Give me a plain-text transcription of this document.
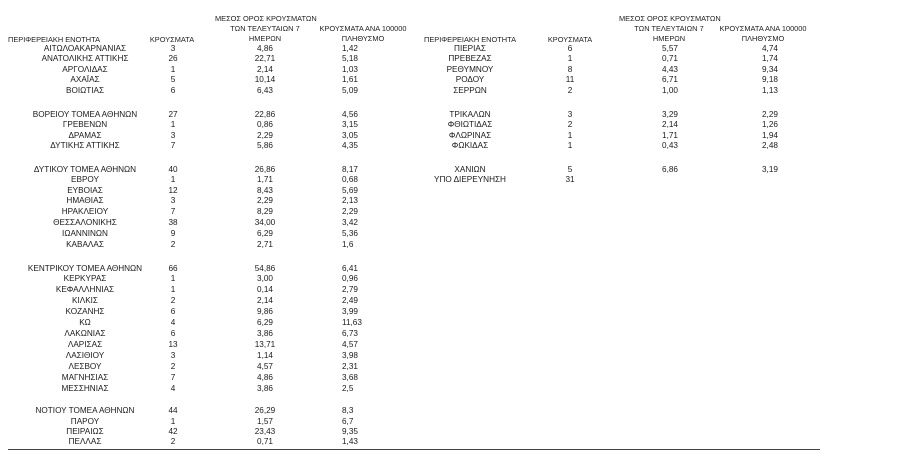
ΠΕΡΙΦΕΡΕΙΑΚΗ ΕΝΟΤΗΤΑ	ΚΡΟΥΣΜΑΤΑ
ΜΕΣΟΣ ΟΡΟΣ ΚΡΟΥΣΜΑΤΩΝ
ΤΩΝ ΤΕΛΕΥΤΑΙΩΝ 7
ΗΜΕΡΩΝ
ΚΡΟΥΣΜΑΤΑ ΑΝΑ 100000
ΠΛΗΘΥΣΜΟ	ΠΕΡΙΦΕΡΕΙΑΚΗ ΕΝΟΤΗΤΑ	ΚΡΟΥΣΜΑΤΑ
ΜΕΣΟΣ ΟΡΟΣ ΚΡΟΥΣΜΑΤΩΝ
ΤΩΝ ΤΕΛΕΥΤΑΙΩΝ 7
ΗΜΕΡΩΝ
ΚΡΟΥΣΜΑΤΑ ΑΝΑ 100000
ΠΛΗΘΥΣΜΟ
ΑΙΤΩΛΟΑΚΑΡΝΑΝΙΑΣ	3	4,86	1,42
ΑΝΑΤΟΛΙΚΗΣ ΑΤΤΙΚΗΣ	26	22,71	5,18
ΑΡΓΟΛΙΔΑΣ	1	2,14	1,03
ΑΧΑΪΑΣ	5	10,14	1,61
ΒΟΙΩΤΙΑΣ	6	6,43	5,09
ΒΟΡΕΙΟΥ ΤΟΜΕΑ ΑΘΗΝΩΝ	27	22,86	4,56
ΓΡΕΒΕΝΩΝ	1	0,86	3,15
ΔΡΑΜΑΣ	3	2,29	3,05
ΔΥΤΙΚΗΣ ΑΤΤΙΚΗΣ	7	5,86	4,35
ΔΥΤΙΚΟΥ ΤΟΜΕΑ ΑΘΗΝΩΝ	40	26,86	8,17
ΕΒΡΟΥ	1	1,71	0,68
ΕΥΒΟΙΑΣ	12	8,43	5,69
ΗΜΑΘΙΑΣ	3	2,29	2,13
ΗΡΑΚΛΕΙΟΥ	7	8,29	2,29
ΘΕΣΣΑΛΟΝΙΚΗΣ	38	34,00	3,42
ΙΩΑΝΝΙΝΩΝ	9	6,29	5,36
ΚΑΒΑΛΑΣ	2	2,71	1,6
ΚΕΝΤΡΙΚΟΥ ΤΟΜΕΑ ΑΘΗΝΩΝ	66	54,86	6,41
ΚΕΡΚΥΡΑΣ	1	3,00	0,96
ΚΕΦΑΛΛΗΝΙΑΣ	1	0,14	2,79
ΚΙΛΚΙΣ	2	2,14	2,49
ΚΟΖΑΝΗΣ	6	9,86	3,99
ΚΩ	4	6,29	11,63
ΛΑΚΩΝΙΑΣ	6	3,86	6,73
ΛΑΡΙΣΑΣ	13	13,71	4,57
ΛΑΣΙΘΙΟΥ	3	1,14	3,98
ΛΕΣΒΟΥ	2	4,57	2,31
ΜΑΓΝΗΣΙΑΣ	7	4,86	3,68
ΜΕΣΣΗΝΙΑΣ	4	3,86	2,5
ΝΟΤΙΟΥ ΤΟΜΕΑ ΑΘΗΝΩΝ	44	26,29	8,3
ΠΑΡΟΥ	1	1,57	6,7
ΠΕΙΡΑΙΩΣ	42	23,43	9,35
ΠΕΛΛΑΣ	2	0,71	1,43
ΠΙΕΡΙΑΣ	6	5,57	4,74
ΠΡΕΒΕΖΑΣ	1	0,71	1,74
ΡΕΘΥΜΝΟΥ	8	4,43	9,34
ΡΟΔΟΥ	11	6,71	9,18
ΣΕΡΡΩΝ	2	1,00	1,13
ΤΡΙΚΑΛΩΝ	3	3,29	2,29
ΦΘΙΩΤΙΔΑΣ	2	2,14	1,26
ΦΛΩΡΙΝΑΣ	1	1,71	1,94
ΦΩΚΙΔΑΣ	1	0,43	2,48
ΧΑΝΙΩΝ	5	6,86	3,19
ΥΠΟ ΔΙΕΡΕΥΝΗΣΗ	31
